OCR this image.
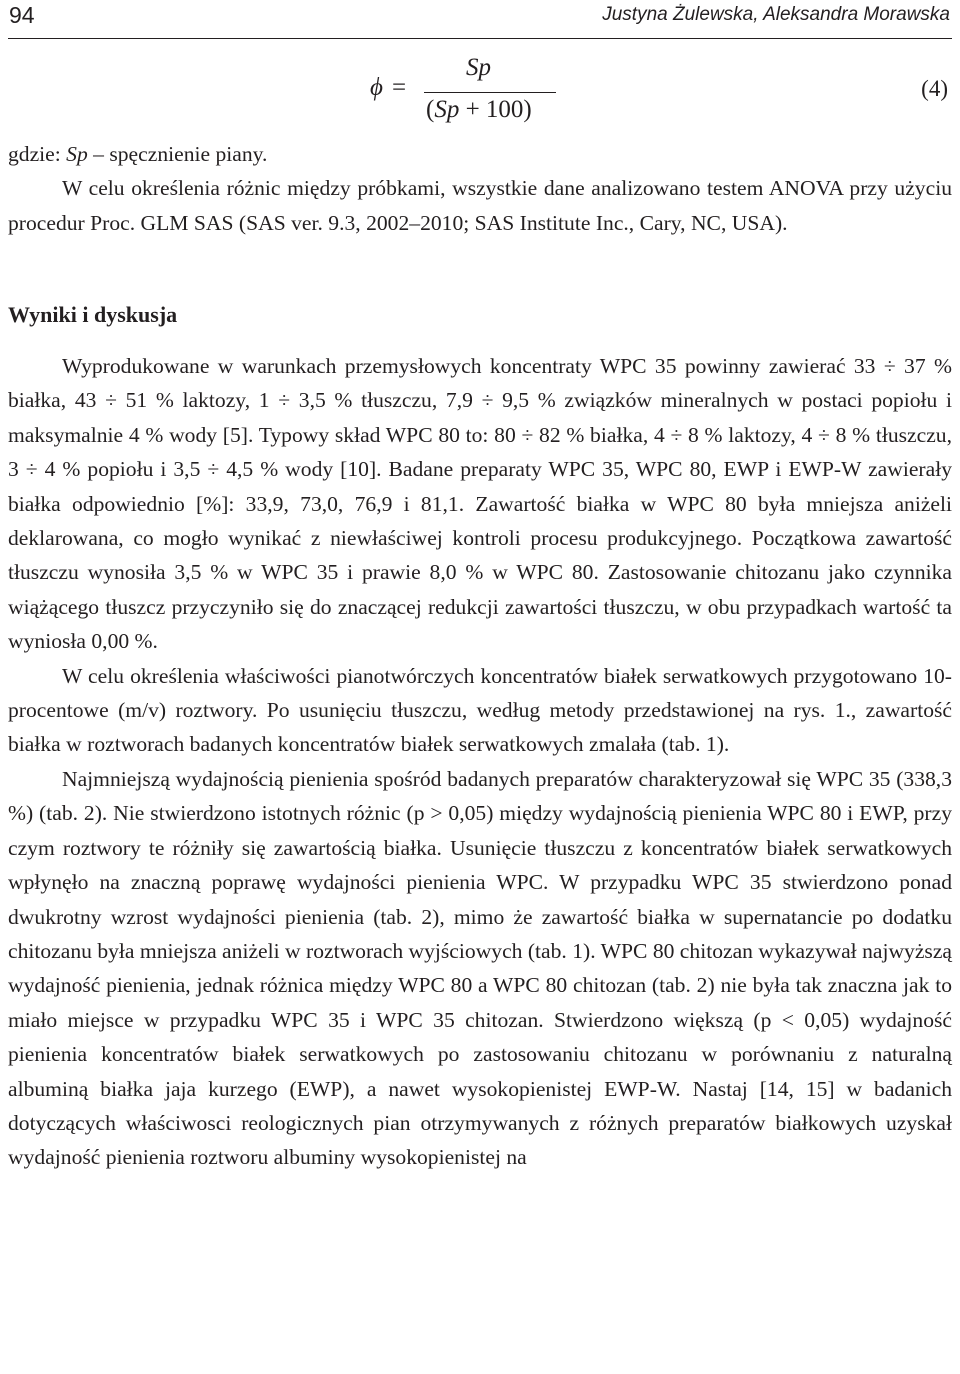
94	Justyna Żulewska, Aleksandra Morawska
ϕ =
Sp
(Sp + 100)
(4)

gdzie: Sp – spęcznienie piany.

W celu określenia różnic między próbkami, wszystkie dane analizowano testem ANOVA przy użyciu procedur Proc. GLM SAS (SAS ver. 9.3, 2002–2010; SAS Institute Inc., Cary, NC, USA).

Wyniki i dyskusja

Wyprodukowane w warunkach przemysłowych koncentraty WPC 35 powinny zawierać 33 ÷ 37 % białka, 43 ÷ 51 % laktozy, 1 ÷ 3,5 % tłuszczu, 7,9 ÷ 9,5 % związków mineralnych w postaci popiołu i maksymalnie 4 % wody [5]. Typowy skład WPC 80 to: 80 ÷ 82 % białka, 4 ÷ 8 % laktozy, 4 ÷ 8 % tłuszczu, 3 ÷ 4 % popiołu i 3,5 ÷ 4,5 % wody [10]. Badane preparaty WPC 35, WPC 80, EWP i EWP-W zawierały białka odpowiednio [%]: 33,9, 73,0, 76,9 i 81,1. Zawartość białka w WPC 80 była mniejsza aniżeli deklarowana, co mogło wynikać z niewłaściwej kontroli procesu produkcyjnego. Początkowa zawartość tłuszczu wynosiła 3,5 % w WPC 35 i prawie 8,0 % w WPC 80. Zastosowanie chitozanu jako czynnika wiążącego tłuszcz przyczyniło się do znaczącej redukcji zawartości tłuszczu, w obu przypadkach wartość ta wyniosła 0,00 %.

W celu określenia właściwości pianotwórczych koncentratów białek serwatkowych przygotowano 10-procentowe (m/v) roztwory. Po usunięciu tłuszczu, według metody przedstawionej na rys. 1., zawartość białka w roztworach badanych koncentratów białek serwatkowych zmalała (tab. 1).

Najmniejszą wydajnością pienienia spośród badanych preparatów charakteryzował się WPC 35 (338,3 %) (tab. 2). Nie stwierdzono istotnych różnic (p > 0,05) między wydajnością pienienia WPC 80 i EWP, przy czym roztwory te różniły się zawartością białka. Usunięcie tłuszczu z koncentratów białek serwatkowych wpłynęło na znaczną poprawę wydajności pienienia WPC. W przypadku WPC 35 stwierdzono ponad dwukrotny wzrost wydajności pienienia (tab. 2), mimo że zawartość białka w supernatancie po dodatku chitozanu była mniejsza aniżeli w roztworach wyjściowych (tab. 1). WPC 80 chitozan wykazywał najwyższą wydajność pienienia, jednak różnica między WPC 80 a WPC 80 chitozan (tab. 2) nie była tak znaczna jak to miało miejsce w przypadku WPC 35 i WPC 35 chitozan. Stwierdzono większą (p < 0,05) wydajność pienienia koncentratów białek serwatkowych po zastosowaniu chitozanu w porównaniu z naturalną albuminą białka jaja kurzego (EWP), a nawet wysokopienistej EWP-W. Nastaj [14, 15] w badanich dotyczących właściwosci reologicznych pian otrzymywanych z różnych preparatów białkowych uzyskał wydajność pienienia roztworu albuminy wysokopienistej na
